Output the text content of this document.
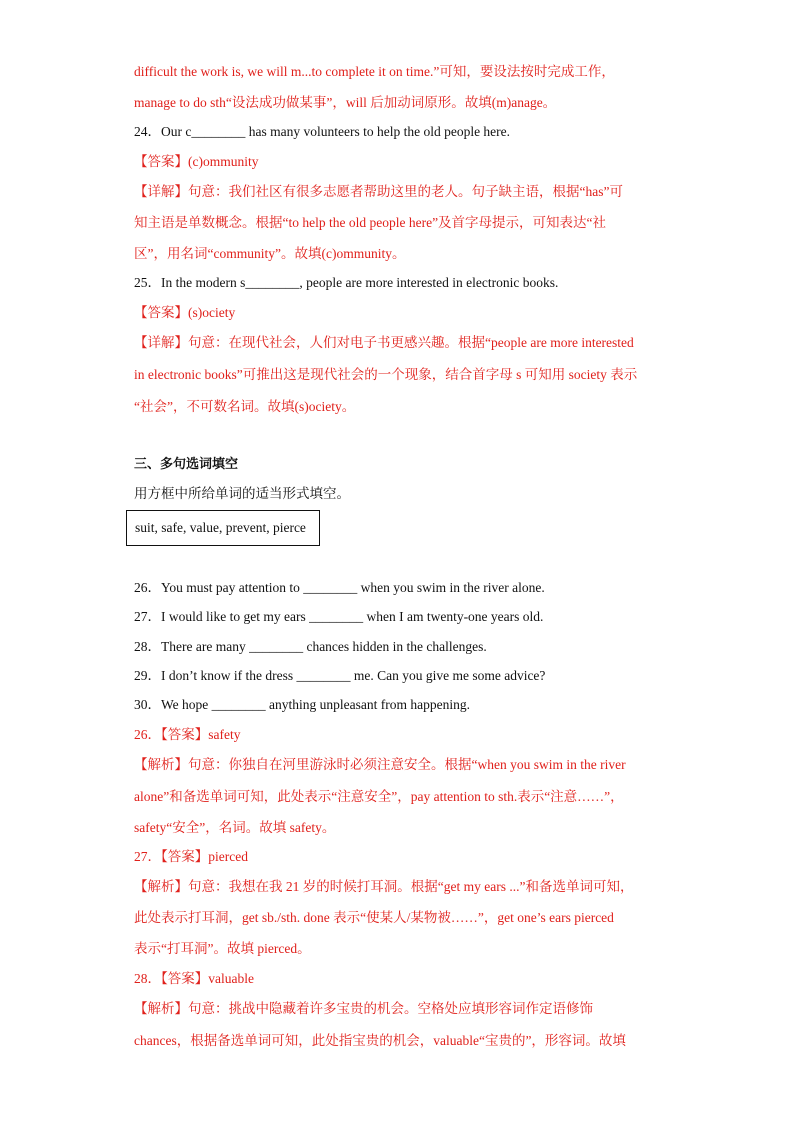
difficult the work is, we will m...to complete it on time.”可知，要设法按时完成工作，
manage to do sth“设法成功做某事”，will 后加动词原形。故填(m)anage。
24．Our c________ has many volunteers to help the old people here.
【答案】(c)ommunity
【详解】句意：我们社区有很多志愿者帮助这里的老人。句子缺主语，根据“has”可
知主语是单数概念。根据“to help the old people here”及首字母提示，可知表达“社
区”，用名词“community”。故填(c)ommunity。
25．In the modern s________, people are more interested in electronic books.
【答案】(s)ociety
【详解】句意：在现代社会，人们对电子书更感兴趣。根据“people are more interested
in electronic books”可推出这是现代社会的一个现象，结合首字母 s 可知用 society 表示
“社会”，不可数名词。故填(s)ociety。
三、多句选词填空
用方框中所给单词的适当形式填空。
suit, safe, value, prevent, pierce
26．You must pay attention to ________ when you swim in the river alone.
27．I would like to get my ears ________ when I am twenty-one years old.
28．There are many ________ chances hidden in the challenges.
29．I don’t know if the dress ________ me. Can you give me some advice?
30．We hope ________ anything unpleasant from happening.
26．【答案】safety
【解析】句意：你独自在河里游泳时必须注意安全。根据“when you swim in the river
alone”和备选单词可知，此处表示“注意安全”，pay attention to sth.表示“注意……”，
safety“安全”，名词。故填 safety。
27．【答案】pierced
【解析】句意：我想在我 21 岁的时候打耳洞。根据“get my ears ...”和备选单词可知，
此处表示打耳洞，get sb./sth. done 表示“使某人/某物被……”，get one’s ears pierced
表示“打耳洞”。故填 pierced。
28．【答案】valuable
【解析】句意：挑战中隐藏着许多宝贵的机会。空格处应填形容词作定语修饰
chances，根据备选单词可知，此处指宝贵的机会，valuable“宝贵的”，形容词。故填
